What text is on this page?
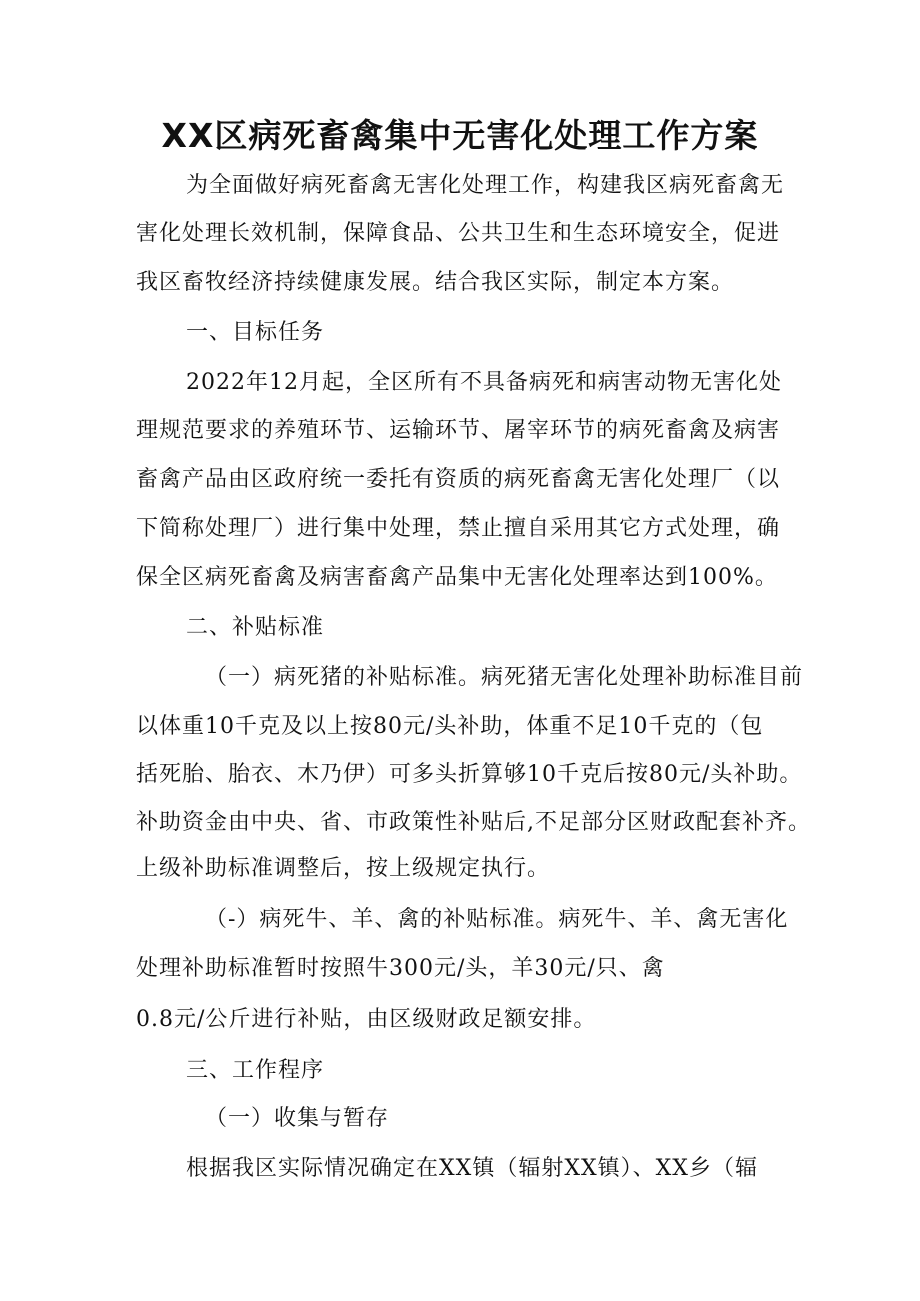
XX区病死畜禽集中无害化处理工作方案

为全面做好病死畜禽无害化处理工作，构建我区病死畜禽无

害化处理长效机制，保障食品、公共卫生和生态环境安全，促进

我区畜牧经济持续健康发展。结合我区实际，制定本方案。

一、目标任务

2022年12月起，全区所有不具备病死和病害动物无害化处

理规范要求的养殖环节、运输环节、屠宰环节的病死畜禽及病害

畜禽产品由区政府统一委托有资质的病死畜禽无害化处理厂（以

下简称处理厂）进行集中处理，禁止擅自采用其它方式处理，确

保全区病死畜禽及病害畜禽产品集中无害化处理率达到100%。

二、补贴标准

（一）病死猪的补贴标准。病死猪无害化处理补助标准目前

以体重10千克及以上按80元/头补助，体重不足10千克的（包

括死胎、胎衣、木乃伊）可多头折算够10千克后按80元/头补助。

补助资金由中央、省、市政策性补贴后,不足部分区财政配套补齐。

上级补助标准调整后，按上级规定执行。

（-）病死牛、羊、禽的补贴标准。病死牛、羊、禽无害化

处理补助标准暂时按照牛300元/头，羊30元/只、禽

0.8元/公斤进行补贴，由区级财政足额安排。

三、工作程序

（一）收集与暂存

根据我区实际情况确定在XX镇（辐射XX镇）、XX乡（辐
